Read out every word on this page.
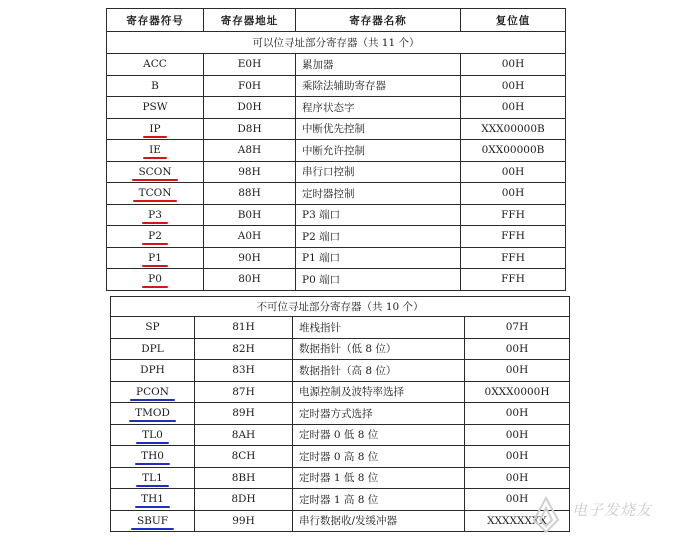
寄存器符号	寄存器地址	寄存器名称	复位值
可以位寻址部分寄存器（共 11 个）			
ACC	E0H	累加器	00H
B	F0H	乘除法辅助寄存器	00H
PSW	D0H	程序状态字	00H
IP	D8H	中断优先控制	XXX00000B
IE	A8H	中断允许控制	0XX00000B
SCON	98H	串行口控制	00H
TCON	88H	定时器控制	00H
P3	B0H	P3 端口	FFH
P2	A0H	P2 端口	FFH
P1	90H	P1 端口	FFH
P0	80H	P0 端口	FFH
不可位寻址部分寄存器（共 10 个）			
SP	81H	堆栈指针	07H
DPL	82H	数据指针（低 8 位）	00H
DPH	83H	数据指针（高 8 位）	00H
PCON	87H	电源控制及波特率选择	0XXX0000H
TMOD	89H	定时器方式选择	00H
TL0	8AH	定时器 0 低 8 位	00H
TH0	8CH	定时器 0 高 8 位	00H
TL1	8BH	定时器 1 低 8 位	00H
TH1	8DH	定时器 1 高 8 位	00H
SBUF	99H	串行数据收/发缓冲器	XXXXXXXX
电子发烧友
